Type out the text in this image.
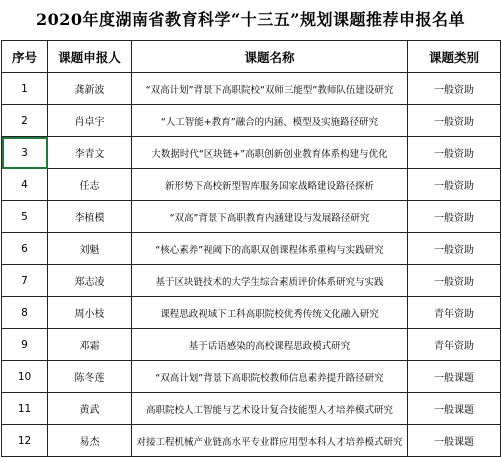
2020年度湖南省教育科学“十三五”规划课题推荐申报名单
序号	课题申报人	课题名称	课题类别
1	龚新波	“双高计划”背景下高职院校“双师三能型”教师队伍建设研究	一般资助
2	肖卓宇	“人工智能+教育”融合的内涵、模型及实施路径研究	一般资助
3	李青文	大数据时代“区块链+”高职创新创业教育体系构建与优化	一般资助
4	任志	新形势下高校新型智库服务国家战略建设路径探析	一般资助
5	李植模	“双高”背景下高职教育内涵建设与发展路径研究	一般资助
6	刘魁	“核心素养”视阈下的高职双创课程体系重构与实践研究	一般资助
7	郑志凌	基于区块链技术的大学生综合素质评价体系研究与实践	一般资助
8	周小枝	课程思政视域下工科高职院校优秀传统文化融入研究	青年资助
9	邓霜	基于话语感染的高校课程思政模式研究	青年资助
10	陈冬莲	“双高计划”背景下高职院校教师信息素养提升路径研究	一般课题
11	黄武	高职院校人工智能与艺术设计复合技能型人才培养模式研究	一般课题
12	易杰	对接工程机械产业链高水平专业群应用型本科人才培养模式研究	一般课题
